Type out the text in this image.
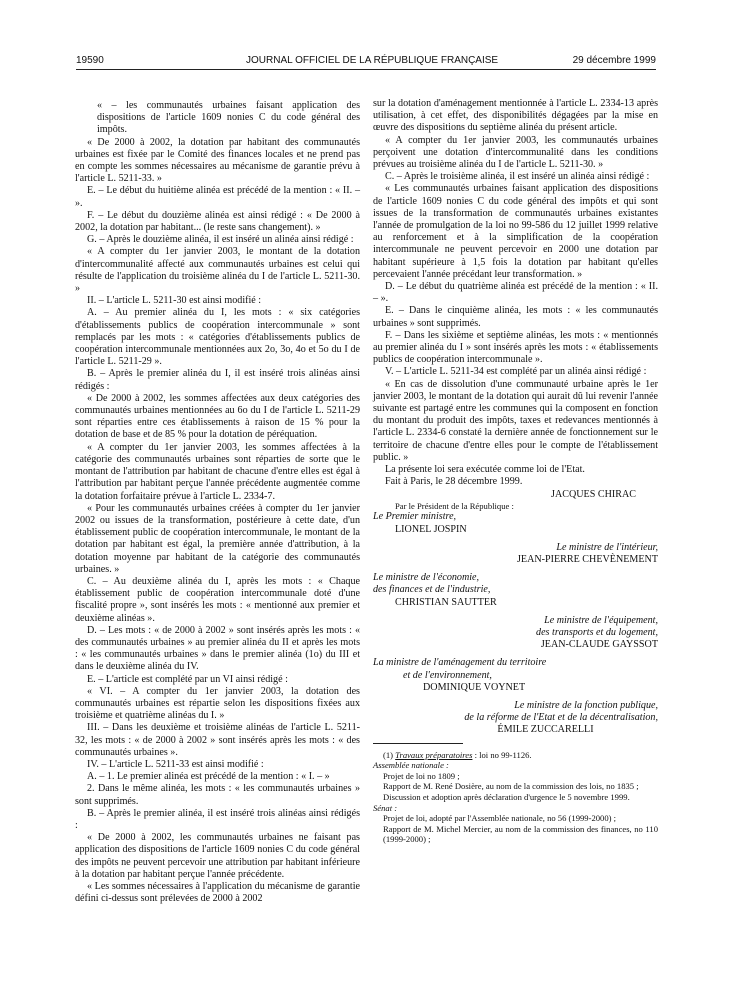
19590	JOURNAL OFFICIEL DE LA RÉPUBLIQUE FRANÇAISE	29 décembre 1999

« – les communautés urbaines faisant application des dispositions de l'article 1609 nonies C du code général des impôts.

« De 2000 à 2002, la dotation par habitant des communautés urbaines est fixée par le Comité des finances locales et ne prend pas en compte les sommes nécessaires au mécanisme de garantie prévu à l'article L. 5211-33. »

E. – Le début du huitième alinéa est précédé de la mention : « II. – ».

F. – Le début du douzième alinéa est ainsi rédigé : « De 2000 à 2002, la dotation par habitant... (le reste sans changement). »

G. – Après le douzième alinéa, il est inséré un alinéa ainsi rédigé :

« A compter du 1er janvier 2003, le montant de la dotation d'intercommunalité affecté aux communautés urbaines est celui qui résulte de l'application du troisième alinéa du I de l'article L. 5211-30. »

II. – L'article L. 5211-30 est ainsi modifié :

A. – Au premier alinéa du I, les mots : « six catégories d'établissements publics de coopération intercommunale » sont remplacés par les mots : « catégories d'établissements publics de coopération intercommunale mentionnées aux 2o, 3o, 4o et 5o du I de l'article L. 5211-29 ».

B. – Après le premier alinéa du I, il est inséré trois alinéas ainsi rédigés :

« De 2000 à 2002, les sommes affectées aux deux catégories des communautés urbaines mentionnées au 6o du I de l'article L. 5211-29 sont réparties entre ces établissements à raison de 15 % pour la dotation de base et de 85 % pour la dotation de péréquation.

« A compter du 1er janvier 2003, les sommes affectées à la catégorie des communautés urbaines sont réparties de sorte que le montant de l'attribution par habitant de chacune d'entre elles est égal à l'attribution par habitant perçue l'année précédente augmentée comme la dotation forfaitaire prévue à l'article L. 2334-7.

« Pour les communautés urbaines créées à compter du 1er janvier 2002 ou issues de la transformation, postérieure à cette date, d'un établissement public de coopération intercommunale, le montant de la dotation par habitant est égal, la première année d'attribution, à la dotation moyenne par habitant de la catégorie des communautés urbaines. »

C. – Au deuxième alinéa du I, après les mots : « Chaque établissement public de coopération intercommunale doté d'une fiscalité propre », sont insérés les mots : « mentionné aux premier et deuxième alinéas ».

D. – Les mots : « de 2000 à 2002 » sont insérés après les mots : « des communautés urbaines » au premier alinéa du II et après les mots : « les communautés urbaines » dans le premier alinéa (1o) du III et dans le deuxième alinéa du IV.

E. – L'article est complété par un VI ainsi rédigé :

« VI. – A compter du 1er janvier 2003, la dotation des communautés urbaines est répartie selon les dispositions fixées aux troisième et quatrième alinéas du I. »

III. – Dans les deuxième et troisième alinéas de l'article L. 5211-32, les mots : « de 2000 à 2002 » sont insérés après les mots : « des communautés urbaines ».

IV. – L'article L. 5211-33 est ainsi modifié :

A. – 1. Le premier alinéa est précédé de la mention : « I. – »

2. Dans le même alinéa, les mots : « les communautés urbaines » sont supprimés.

B. – Après le premier alinéa, il est inséré trois alinéas ainsi rédigés :

« De 2000 à 2002, les communautés urbaines ne faisant pas application des dispositions de l'article 1609 nonies C du code général des impôts ne peuvent percevoir une attribution par habitant inférieure à la dotation par habitant perçue l'année précédente.

« Les sommes nécessaires à l'application du mécanisme de garantie défini ci-dessus sont prélevées de 2000 à 2002

sur la dotation d'aménagement mentionnée à l'article L. 2334-13 après utilisation, à cet effet, des disponibilités dégagées par la mise en œuvre des dispositions du septième alinéa du présent article.

« A compter du 1er janvier 2003, les communautés urbaines perçoivent une dotation d'intercommunalité dans les conditions prévues au troisième alinéa du I de l'article L. 5211-30. »

C. – Après le troisième alinéa, il est inséré un alinéa ainsi rédigé :

« Les communautés urbaines faisant application des dispositions de l'article 1609 nonies C du code général des impôts et qui sont issues de la transformation de communautés urbaines existantes l'année de promulgation de la loi no 99-586 du 12 juillet 1999 relative au renforcement et à la simplification de la coopération intercommunale ne peuvent percevoir en 2000 une dotation par habitant supérieure à 1,5 fois la dotation par habitant qu'elles percevaient l'année précédant leur transformation. »

D. – Le début du quatrième alinéa est précédé de la mention : « II. – ».

E. – Dans le cinquième alinéa, les mots : « les communautés urbaines » sont supprimés.

F. – Dans les sixième et septième alinéas, les mots : « mentionnés au premier alinéa du I » sont insérés après les mots : « établissements publics de coopération intercommunale ».

V. – L'article L. 5211-34 est complété par un alinéa ainsi rédigé :

« En cas de dissolution d'une communauté urbaine après le 1er janvier 2003, le montant de la dotation qui aurait dû lui revenir l'année suivante est partagé entre les communes qui la composent en fonction du montant du produit des impôts, taxes et redevances mentionnés à l'article L. 2334-6 constaté la dernière année de fonctionnement sur le territoire de chacune d'entre elles pour le compte de l'établissement public. »

La présente loi sera exécutée comme loi de l'Etat.

Fait à Paris, le 28 décembre 1999.

JACQUES CHIRAC

Par le Président de la République :

Le Premier ministre,

LIONEL JOSPIN

Le ministre de l'intérieur,

JEAN-PIERRE CHEVÈNEMENT

Le ministre de l'économie,

des finances et de l'industrie,

CHRISTIAN SAUTTER

Le ministre de l'équipement,

des transports et du logement,

JEAN-CLAUDE GAYSSOT

La ministre de l'aménagement du territoire

et de l'environnement,

DOMINIQUE VOYNET

Le ministre de la fonction publique,

de la réforme de l'Etat et de la décentralisation,

ÉMILE ZUCCARELLI

(1) Travaux préparatoires : loi no 99-1126.

Assemblée nationale :

Projet de loi no 1809 ;

Rapport de M. René Dosière, au nom de la commission des lois, no 1835 ;

Discussion et adoption après déclaration d'urgence le 5 novembre 1999.

Sénat :

Projet de loi, adopté par l'Assemblée nationale, no 56 (1999-2000) ;

Rapport de M. Michel Mercier, au nom de la commission des finances, no 110 (1999-2000) ;
